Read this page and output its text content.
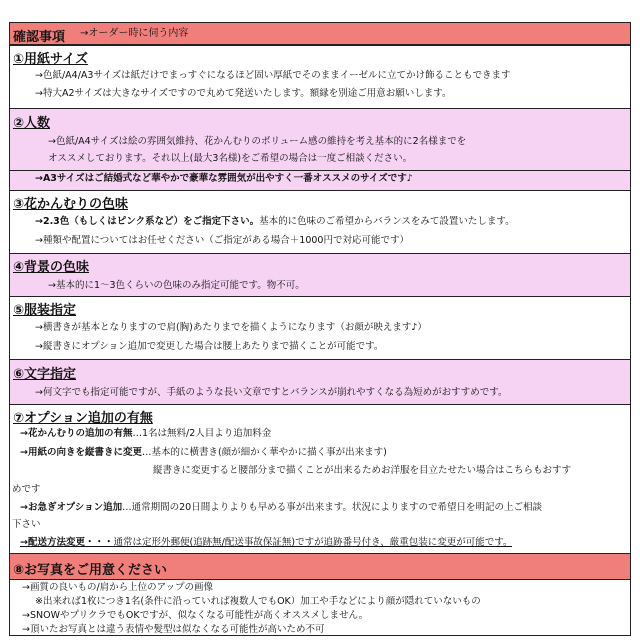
確認事項 →オーダー時に伺う内容
①用紙サイズ
→色紙/A4/A3サイズは紙だけでまっすぐになるほど固い厚紙でそのままイーゼルに立てかけ飾ることもできます
→特大A2サイズは大きなサイズですので丸めて発送いたします。額縁を別途ご用意お願いします。
②人数
→色紙/A4サイズは絵の雰囲気維持、花かんむりのボリューム感の維持を考え基本的に2名様までを
オススメしております。それ以上(最大3名様)をご希望の場合は一度ご相談ください。
→A3サイズはご結婚式など華やかで豪華な雰囲気が出やすく一番オススメのサイズです♪
③花かんむりの色味
→2.3色（もしくはピンク系など）をご指定下さい。基本的に色味のご希望からバランスをみて設置いたします。
→種類や配置についてはお任せください（ご指定がある場合＋1000円で対応可能です）
④背景の色味
→基本的に1～3色くらいの色味のみ指定可能です。物不可。
⑤服装指定
→横書きが基本となりますので肩(胸)あたりまでを描くようになります（お顔が映えます♪）
→縦書きにオプション追加で変更した場合は腰上あたりまで描くことが可能です。
⑥文字指定
→何文字でも指定可能ですが、手紙のような長い文章ですとバランスが崩れやすくなる為短めがおすすめです。
⑦オプション追加の有無
→花かんむりの追加の有無…1名は無料/2人目より追加料金
→用紙の向きを縦書きに変更…基本的に横書き(顔が細かく華やかに描く事が出来ます)
縦書きに変更すると腰部分まで描くことが出来るためお洋服を目立たせたい場合はこちらもおすす
めです
→お急ぎオプション追加…通常期間の20日間よりよりも早める事が出来ます。状況によりますので希望日を明記の上ご相談
下さい
→配送方法変更・・・通常は定形外郵便(追跡無/配送事故保証無)ですが追跡番号付き、厳重包装に変更が可能です。
⑧お写真をご用意ください
→画質の良いもの/肩から上位のアップの画像
※出来れば1枚につき1名(条件に沿っていれば複数人でもOK）加工や手などにより顔が隠れていないもの
→SNOWやプリクラでもOKですが、似なくなる可能性が高くオススメしません。
→頂いたお写真とは違う表情や髪型は似なくなる可能性が高いため不可
